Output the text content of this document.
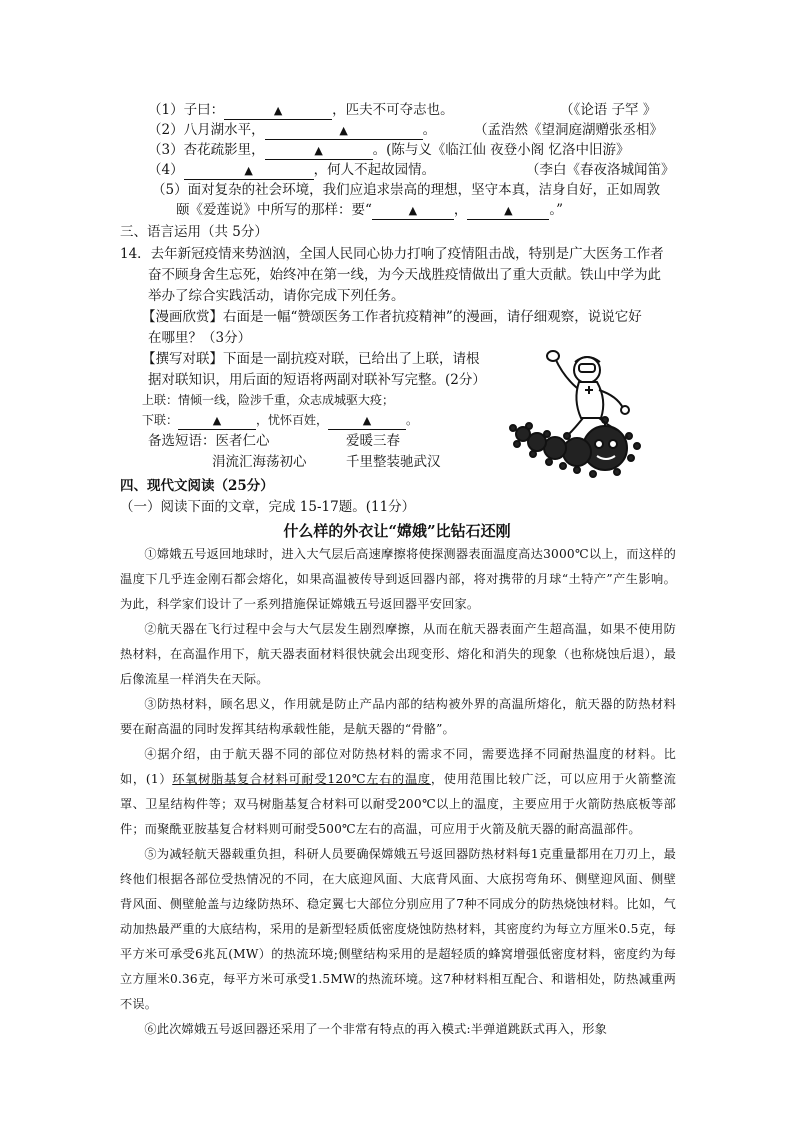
（1）子曰：	▲	，匹夫不可夺志也。	（《论语 子罕 》
（2）八月湖水平，	▲	。	（孟浩然《望洞庭湖赠张丞相》
（3）杏花疏影里，	▲	。(陈与义《临江仙 夜登小阁 忆洛中旧游》
（4）	▲	，何人不起故园情。	（李白《春夜洛城闻笛》
（5）面对复杂的社会环境，我们应追求崇高的理想，坚守本真，洁身自好，正如周敦
颐《爱莲说》中所写的那样：要“	▲	，	▲	。”
三、语言运用（共 5分）
14．去年新冠疫情来势汹汹，全国人民同心协力打响了疫情阻击战，特别是广大医务工作者
奋不顾身舍生忘死，始终冲在第一线，为今天战胜疫情做出了重大贡献。铁山中学为此
举办了综合实践活动，请你完成下列任务。
【漫画欣赏】右面是一幅“赞颂医务工作者抗疫精神”的漫画，请仔细观察，说说它好
在哪里？（3分）
【撰写对联】下面是一副抗疫对联，已给出了上联，请根
据对联知识，用后面的短语将两副对联补写完整。(2分）
上联：情倾一线，险涉千重，众志成城驱大疫；
下联：	▲	，忧怀百姓，	▲	。
备选短语：医者仁心	爱暖三春
涓流汇海荡初心	千里整装驰武汉
四、现代文阅读（25分）
（一）阅读下面的文章，完成 15-17题。(11分）
什么样的外衣让“嫦娥”比钻石还刚
①嫦娥五号返回地球时，进入大气层后高速摩擦将使探测器表面温度高达3000℃以上，而这样的温度下几乎连金刚石都会熔化，如果高温被传导到返回器内部，将对携带的月球“土特产”产生影响。为此，科学家们设计了一系列措施保证嫦娥五号返回器平安回家。
②航天器在飞行过程中会与大气层发生剧烈摩擦，从而在航天器表面产生超高温，如果不使用防热材料，在高温作用下，航天器表面材料很快就会出现变形、熔化和消失的现象（也称烧蚀后退），最后像流星一样消失在天际。
③防热材料，顾名思义，作用就是防止产品内部的结构被外界的高温所熔化，航天器的防热材料要在耐高温的同时发挥其结构承载性能，是航天器的“骨骼”。
④据介绍，由于航天器不同的部位对防热材料的需求不同，需要选择不同耐热温度的材料。比如，(1）环氧树脂基复合材料可耐受120℃左右的温度，使用范围比较广泛，可以应用于火箭整流罩、卫星结构件等；双马树脂基复合材料可以耐受200℃以上的温度，主要应用于火箭防热底板等部件；而聚酰亚胺基复合材料则可耐受500℃左右的高温，可应用于火箭及航天器的耐高温部件。
⑤为减轻航天器载重负担，科研人员要确保嫦娥五号返回器防热材料每1克重量都用在刀刃上，最终他们根据各部位受热情况的不同，在大底迎风面、大底背风面、大底拐弯角环、侧壁迎风面、侧壁背风面、侧壁舱盖与边缘防热环、稳定翼七大部位分别应用了7种不同成分的防热烧蚀材料。比如，气动加热最严重的大底结构，采用的是新型轻质低密度烧蚀防热材料，其密度约为每立方厘米0.5克，每平方米可承受6兆瓦(MW）的热流环境;侧壁结构采用的是超轻质的蜂窝增强低密度材料，密度约为每立方厘米0.36克，每平方米可承受1.5MW的热流环境。这7种材料相互配合、和谐相处，防热减重两不误。
⑥此次嫦娥五号返回器还采用了一个非常有特点的再入模式:半弹道跳跃式再入，形象
